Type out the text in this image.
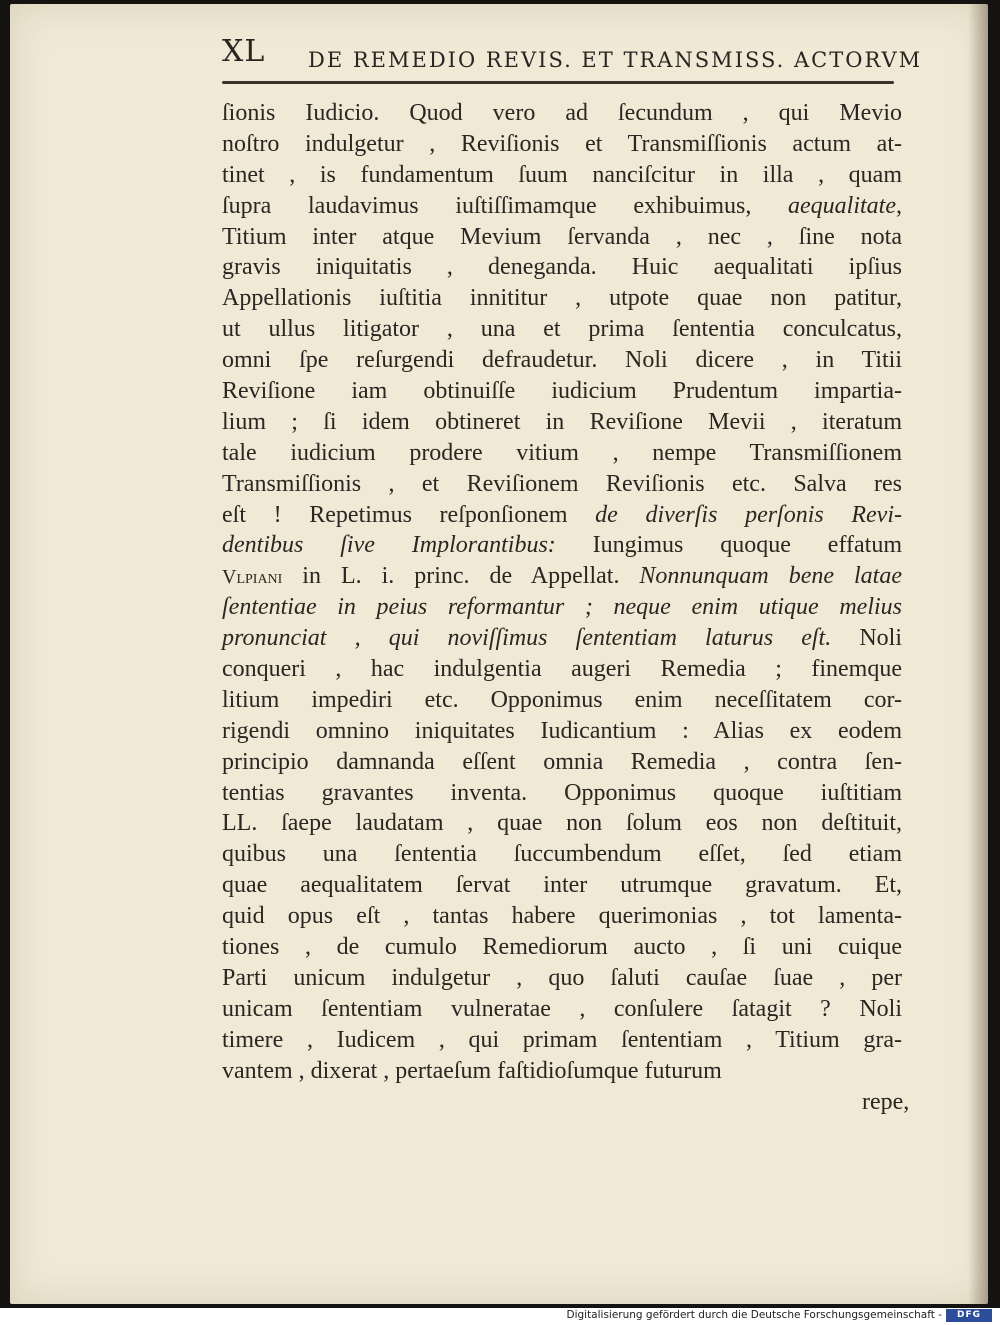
XL DE REMEDIO REVIS. ET TRANSMISS. ACTORVM
ſionis Iudicio. Quod vero ad ſecundum , qui Mevio
noſtro indulgetur , Reviſionis et Transmiſſionis actum at-
tinet , is fundamentum ſuum nanciſcitur in illa , quam
ſupra laudavimus iuſtiſſimamque exhibuimus, aequalitate,
Titium inter atque Mevium ſervanda , nec , ſine nota
gravis iniquitatis , deneganda. Huic aequalitati ipſius
Appellationis iuſtitia innititur , utpote quae non patitur,
ut ullus litigator , una et prima ſententia conculcatus,
omni ſpe reſurgendi defraudetur. Noli dicere , in Titii
Reviſione iam obtinuiſſe iudicium Prudentum impartia-
lium ; ſi idem obtineret in Reviſione Mevii , iteratum
tale iudicium prodere vitium , nempe Transmiſſionem
Transmiſſionis , et Reviſionem Reviſionis etc. Salva res
eſt ! Repetimus reſponſionem de diverſis perſonis Revi-
dentibus ſive Implorantibus: Iungimus quoque effatum
Vlpiani in L. i. princ. de Appellat. Nonnunquam bene latae
ſententiae in peius reformantur ; neque enim utique melius
pronunciat , qui noviſſimus ſententiam laturus eſt. Noli
conqueri , hac indulgentia augeri Remedia ; finemque
litium impediri etc. Opponimus enim neceſſitatem cor-
rigendi omnino iniquitates Iudicantium : Alias ex eodem
principio damnanda eſſent omnia Remedia , contra ſen-
tentias gravantes inventa. Opponimus quoque iuſtitiam
LL. ſaepe laudatam , quae non ſolum eos non deſtituit,
quibus una ſententia ſuccumbendum eſſet, ſed etiam
quae aequalitatem ſervat inter utrumque gravatum. Et,
quid opus eſt , tantas habere querimonias , tot lamenta-
tiones , de cumulo Remediorum aucto , ſi uni cuique
Parti unicum indulgetur , quo ſaluti cauſae ſuae , per
unicam ſententiam vulneratae , conſulere ſatagit ? Noli
timere , Iudicem , qui primam ſententiam , Titium gra-
vantem , dixerat , pertaeſum faſtidioſumque futurum
repe,
Digitalisierung gefördert durch die Deutsche Forschungsgemeinschaft -	DFG
